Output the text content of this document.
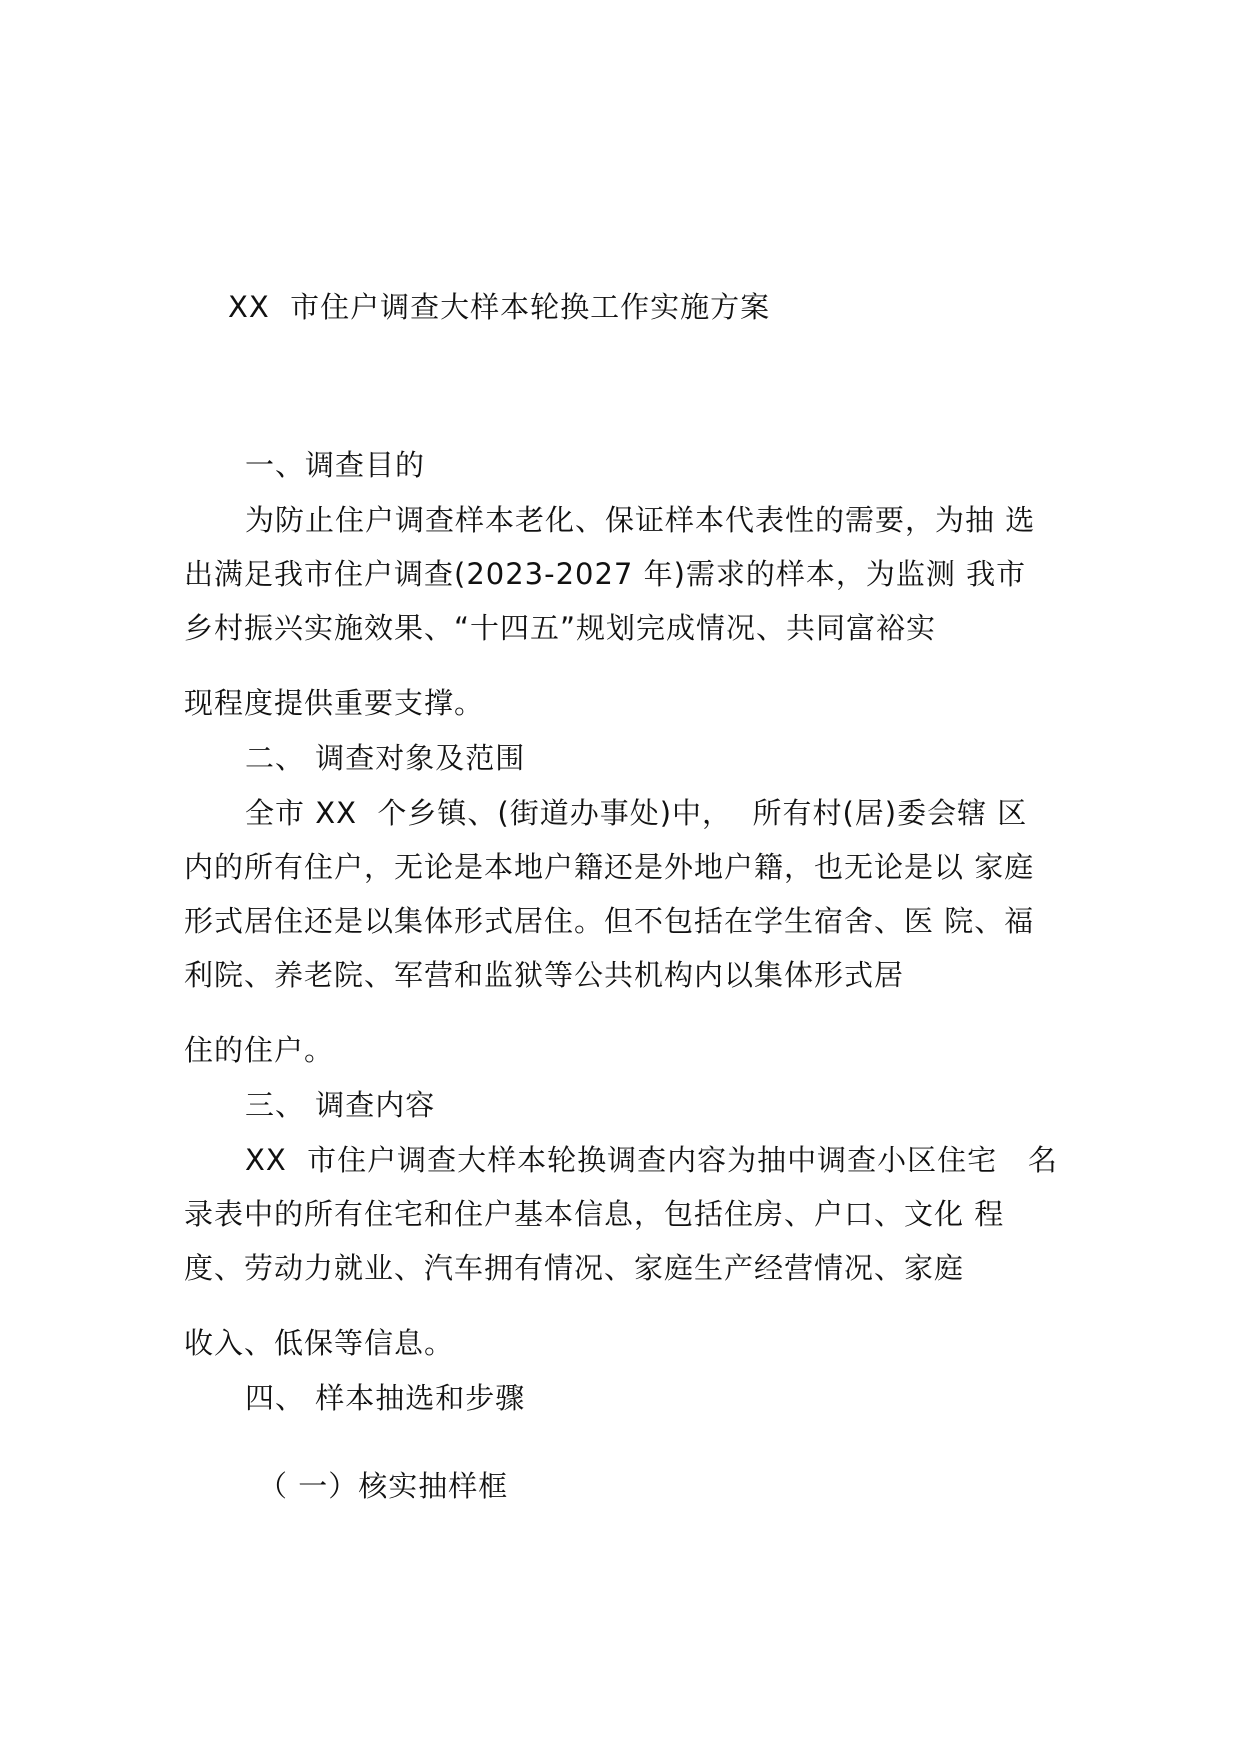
XX  市住户调查大样本轮换工作实施方案
一、调查目的
为防止住户调查样本老化、保证样本代表性的需要，为抽 选
出满足我市住户调查(2023-2027 年)需求的样本，为监测 我市
乡村振兴实施效果、“十四五”规划完成情况、共同富裕实
现程度提供重要支撑。
二、 调查对象及范围
全市 XX  个乡镇、(街道办事处)中，  所有村(居)委会辖 区
内的所有住户，无论是本地户籍还是外地户籍，也无论是以 家庭
形式居住还是以集体形式居住。但不包括在学生宿舍、医 院、福
利院、养老院、军营和监狱等公共机构内以集体形式居
住的住户。
三、 调查内容
XX  市住户调查大样本轮换调查内容为抽中调查小区住宅   名
录表中的所有住宅和住户基本信息，包括住房、户口、文化 程
度、劳动力就业、汽车拥有情况、家庭生产经营情况、家庭
收入、低保等信息。
四、 样本抽选和步骤
（ 一）核实抽样框
